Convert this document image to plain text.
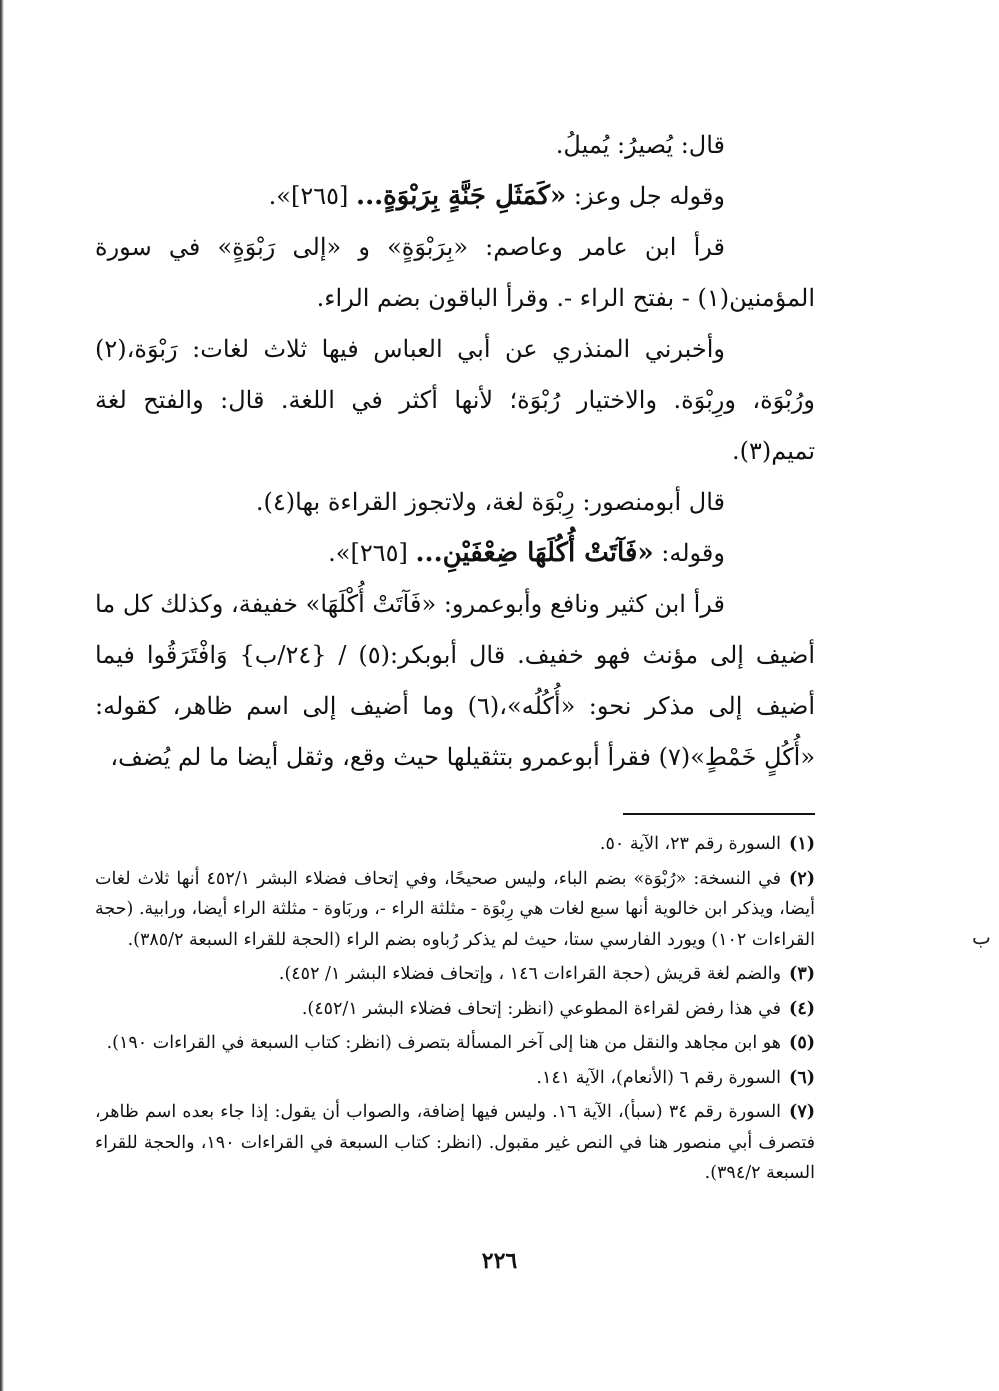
قال: يُصيرُ: يُميلُ.

وقوله جل وعز: «كَمَثَلِ جَنَّةٍ بِرَبْوَةٍ... [٢٦٥]».

قرأ ابن عامر وعاصم: «بِرَبْوَةٍ» و «إلى رَبْوَةٍ» في سورة المؤمنين(١) - بفتح الراء -. وقرأ الباقون بضم الراء.

وأخبرني المنذري عن أبي العباس فيها ثلاث لغات: رَبْوَة،(٢) ورُبْوَة، ورِبْوَة. والاختيار رُبْوَة؛ لأنها أكثر في اللغة. قال: والفتح لغة تميم(٣).

قال أبومنصور: رِبْوَة لغة، ولاتجوز القراءة بها(٤).

وقوله: «فَآتَتْ أُكُلَهَا ضِعْفَيْنِ... [٢٦٥]».

قرأ ابن كثير ونافع وأبوعمرو: «فَآتَتْ أُكْلَهَا» خفيفة، وكذلك كل ما أضيف إلى مؤنث فهو خفيف. قال أبوبكر:(٥) / {٢٤/ب} وَافْتَرَقُوا فيما أضيف إلى مذكر نحو: «أُكُلُه»،(٦) وما أضيف إلى اسم ظاهر، كقوله: «أُكُلٍ خَمْطٍ»(٧) فقرأ أبوعمرو بتثقيلها حيث وقع، وثقل أيضا ما لم يُضف،

(١)السورة رقم ٢٣، الآية ٥٠.

(٢)في النسخة: «رُبْوَة» بضم الباء، وليس صحيحًا، وفي إتحاف فضلاء البشر ٤٥٢/١ أنها ثلاث لغات أيضا، ويذكر ابن خالوية أنها سبع لغات هي رِبْوَة - مثلثة الراء -، وربَاوة - مثلثة الراء أيضا، ورابية. (حجة القراءات ١٠٢) ويورد الفارسي ستا، حيث لم يذكر رُباوه بضم الراء (الحجة للقراء السبعة ٣٨٥/٢).

(٣)والضم لغة قريش (حجة القراءات ١٤٦ ، وإتحاف فضلاء البشر ١/ ٤٥٢).

(٤)في هذا رفض لقراءة المطوعي (انظر: إتحاف فضلاء البشر ٤٥٢/١).

(٥)هو ابن مجاهد والنقل من هنا إلى آخر المسألة بتصرف (انظر: كتاب السبعة في القراءات ١٩٠).

(٦)السورة رقم ٦ (الأنعام)، الآية ١٤١.

(٧)السورة رقم ٣٤ (سبأ)، الآية ١٦. وليس فيها إضافة، والصواب أن يقول: إذا جاء بعده اسم ظاهر، فتصرف أبي منصور هنا في النص غير مقبول. (انظر: كتاب السبعة في القراءات ١٩٠، والحجة للقراء السبعة ٣٩٤/٢).

ب
٢٢٦
